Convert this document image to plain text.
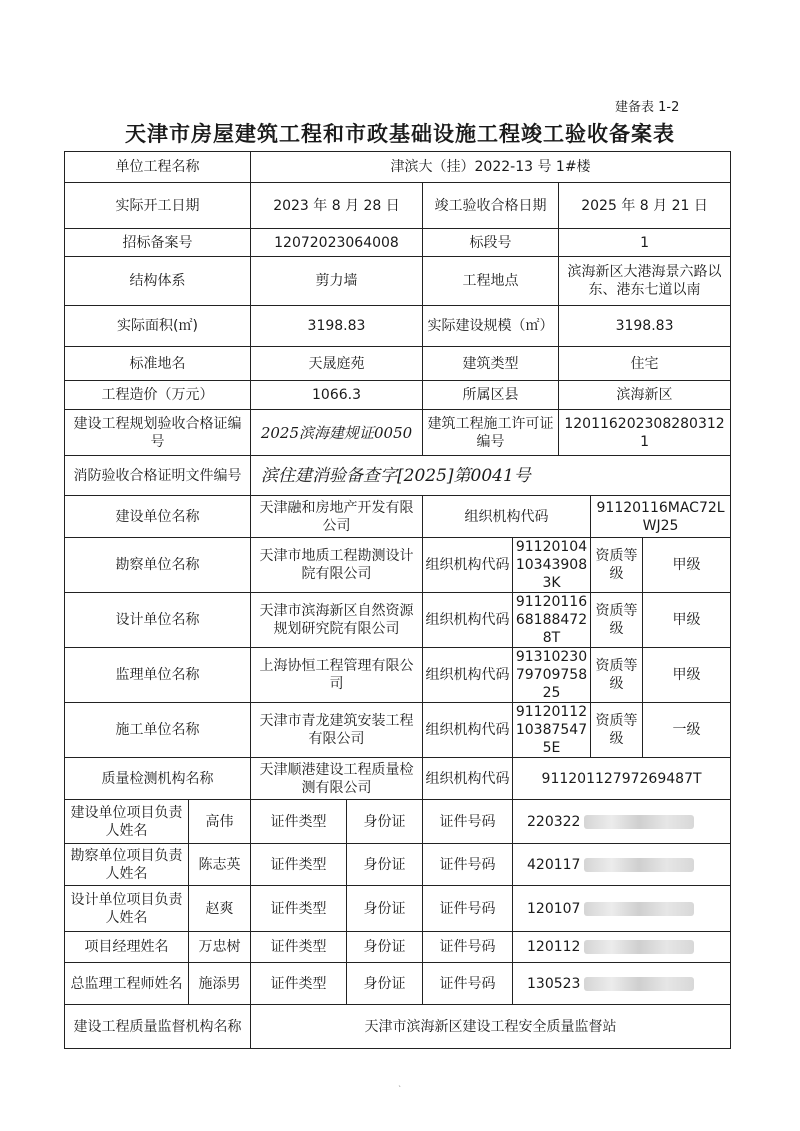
建备表 1-2
天津市房屋建筑工程和市政基础设施工程竣工验收备案表
单位工程名称		津滨大（挂）2022-13 号 1#楼						
实际开工日期		2023 年 8 月 28 日		竣工验收合格日期		2025 年 8 月 21 日		
招标备案号		12072023064008		标段号		1		
结构体系		剪力墙		工程地点		滨海新区大港海景六路以东、港东七道以南		
实际面积(㎡)		3198.83		实际建设规模（㎡）		3198.83		
标准地名		天晟庭苑		建筑类型		住宅		
工程造价（万元）		1066.3		所属区县		滨海新区		
建设工程规划验收合格证编号		2025滨海建规证0050		建筑工程施工许可证编号		120116202308280312​1		
消防验收合格证明文件编号		滨住建消验备查字[2025]第0041号						
建设单位名称		天津融和房地产开发有限公司		组织机构代码			91120116MAC72LWJ25	
勘察单位名称		天津市地质工程勘测设计院有限公司		组织机构代码	91120104103439083K		资质等级	甲级
设计单位名称		天津市滨海新区自然资源规划研究院有限公司		组织机构代码	91120116681884728T		资质等级	甲级
监理单位名称		上海协恒工程管理有限公司		组织机构代码	913102307970975825		资质等级	甲级
施工单位名称		天津市青龙建筑安装工程有限公司		组织机构代码	91120112103875475E		资质等级	一级
质量检测机构名称		天津顺港建设工程质量检测有限公司		组织机构代码	91120112797269487T			
建设单位项目负责人姓名	高伟	证件类型	身份证	证件号码	220322			
勘察单位项目负责人姓名	陈志英	证件类型	身份证	证件号码	420117			
设计单位项目负责人姓名	赵爽	证件类型	身份证	证件号码	120107			
项目经理姓名	万忠树	证件类型	身份证	证件号码	120112			
总监理工程师姓名	施添男	证件类型	身份证	证件号码	130523			
建设工程质量监督机构名称		天津市滨海新区建设工程安全质量监督站						
`
